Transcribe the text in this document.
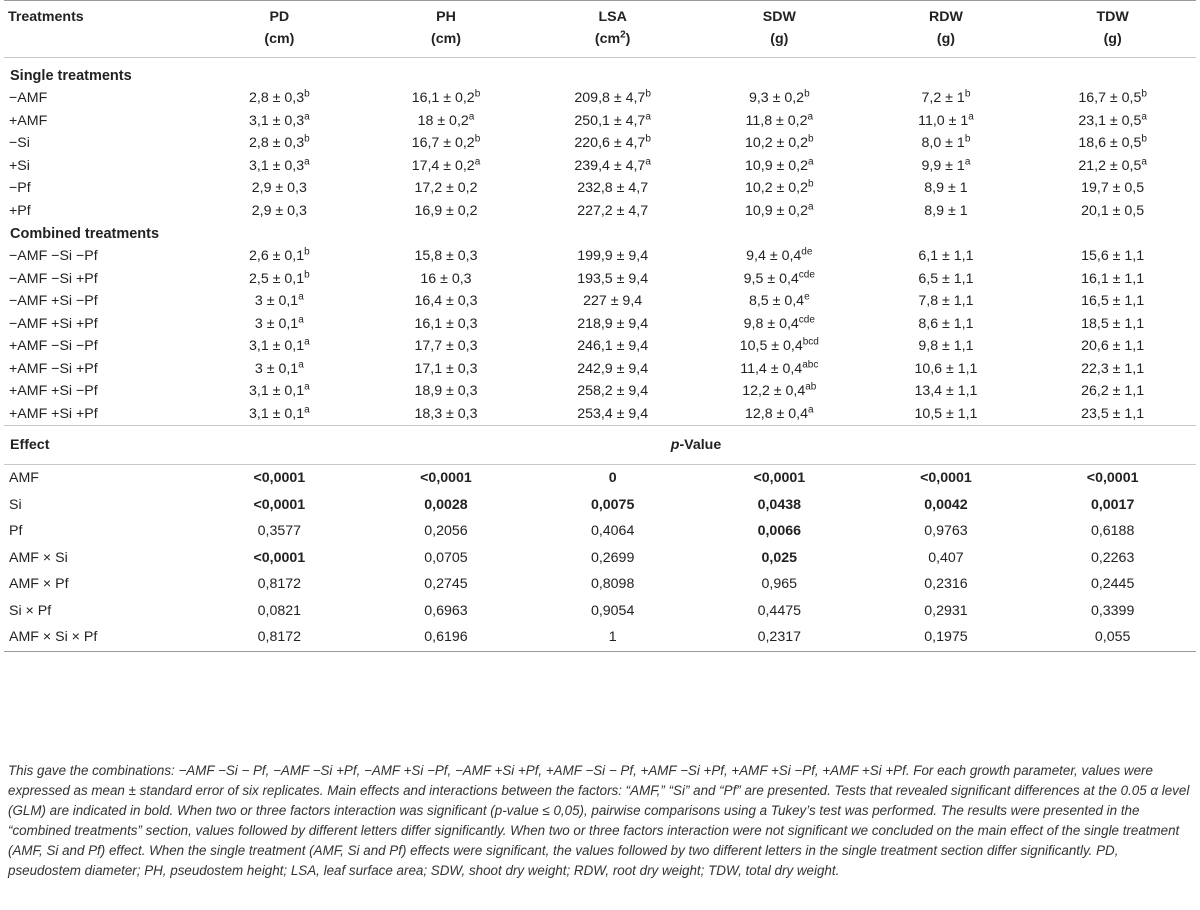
Treatments	PD	PH	LSA	SDW	RDW	TDW
	(cm)	(cm)	$(cm^2)$	(g)	(g)	(g)

Single treatments						
−AMF	2,8 ± 0,3$^b$	16,1 ± 0,2$^b$	209,8 ± 4,7$^b$	9,3 ± 0,2$^b$	$7,2 \pm 1^b$	16,7 ± 0,5$^b$
+AMF	3,1 ± 0,3$^a$	18 ± 0,2$^a$	250,1 ± 4,7$^a$	11,8 ± 0,2$^a$	$11,0 \pm 1^a$	23,1 ± 0,5$^a$
−Si	2,8 ± 0,3$^b$	16,7 ± 0,2$^b$	220,6 ± 4,7$^b$	10,2 ± 0,2$^b$	$8,0 \pm 1^b$	18,6 ± 0,5$^b$
+Si	3,1 ± 0,3$^a$	17,4 ± 0,2$^a$	239,4 ± 4,7$^a$	10,9 ± 0,2$^a$	$9,9 \pm 1^a$	21,2 ± 0,5$^a$
−Pf	2,9 ± 0,3	17,2 ± 0,2	232,8 ± 4,7	10,2 ± 0,2$^b$	8,9 ± 1	19,7 ± 0,5
+Pf	2,9 ± 0,3	16,9 ± 0,2	227,2 ± 4,7	10,9 ± 0,2$^a$	8,9 ± 1	20,1 ± 0,5
Combined treatments						
−AMF −Si −Pf	2,6 ± 0,1$^b$	15,8 ± 0,3	199,9 ± 9,4	9,4 ± 0,4de	6,1 ± 1,1	15,6 ± 1,1
−AMF −Si +Pf	2,5 ± 0,1$^b$	16 ± 0,3	193,5 ± 9,4	9,5 ± 0,4$^{cde}$	6,5 ± 1,1	16,1 ± 1,1
−AMF +Si −Pf	3 ± 0,1$^a$	16,4 ± 0,3	227 ± 9,4	8,5 ± 0,4$^e$	7,8 ± 1,1	16,5 ± 1,1
−AMF +Si +Pf	3 ± 0,1$^a$	16,1 ± 0,3	218,9 ± 9,4	9,8 ± 0,4$^{cde}$	8,6 ± 1,1	18,5 ± 1,1
+AMF −Si −Pf	3,1 ± 0,1$^a$	17,7 ± 0,3	246,1 ± 9,4	10,5 ± 0,4$^{bcd}$	9,8 ± 1,1	20,6 ± 1,1
+AMF −Si +Pf	3 ± 0,1$^a$	17,1 ± 0,3	242,9 ± 9,4	11,4 ± 0,4$^{abc}$	10,6 ± 1,1	22,3 ± 1,1
+AMF +Si −Pf	3,1 ± 0,1$^a$	18,9 ± 0,3	258,2 ± 9,4	12,2 ± 0,4$^{ab}$	13,4 ± 1,1	26,2 ± 1,1
+AMF +Si +Pf	3,1 ± 0,1$^a$	18,3 ± 0,3	253,4 ± 9,4	12,8 ± 0,4$^a$	10,5 ± 1,1	23,5 ± 1,1

Effect	p-Value					

AMF	<0,0001	<0,0001	0	<0,0001	<0,0001	<0,0001
Si	<0,0001	0,0028	0,0075	0,0438	0,0042	0,0017
Pf	0,3577	0,2056	0,4064	0,0066	0,9763	0,6188
AMF × Si	<0,0001	0,0705	0,2699	0,025	0,407	0,2263
AMF × Pf	0,8172	0,2745	0,8098	0,965	0,2316	0,2445
Si × Pf	0,0821	0,6963	0,9054	0,4475	0,2931	0,3399
AMF × Si × Pf	0,8172	0,6196	1	0,2317	0,1975	0,055

This gave the combinations: −AMF −Si − Pf, −AMF −Si +Pf, −AMF +Si −Pf, −AMF +Si +Pf, +AMF −Si − Pf, +AMF −Si +Pf, +AMF +Si −Pf, +AMF +Si +Pf. For each growth parameter, values were expressed as mean ± standard error of six replicates. Main effects and interactions between the factors: “AMF,” “Si” and “Pf” are presented. Tests that revealed significant differences at the 0.05 α level (GLM) are indicated in bold. When two or three factors interaction was significant (p-value ≤ 0,05), pairwise comparisons using a Tukey’s test was performed. The results were presented in the “combined treatments” section, values followed by different letters differ significantly. When two or three factors interaction were not significant we concluded on the main effect of the single treatment (AMF, Si and Pf) effect. When the single treatment (AMF, Si and Pf) effects were significant, the values followed by two different letters in the single treatment section differ significantly. PD, pseudostem diameter; PH, pseudostem height; LSA, leaf surface area; SDW, shoot dry weight; RDW, root dry weight; TDW, total dry weight.
